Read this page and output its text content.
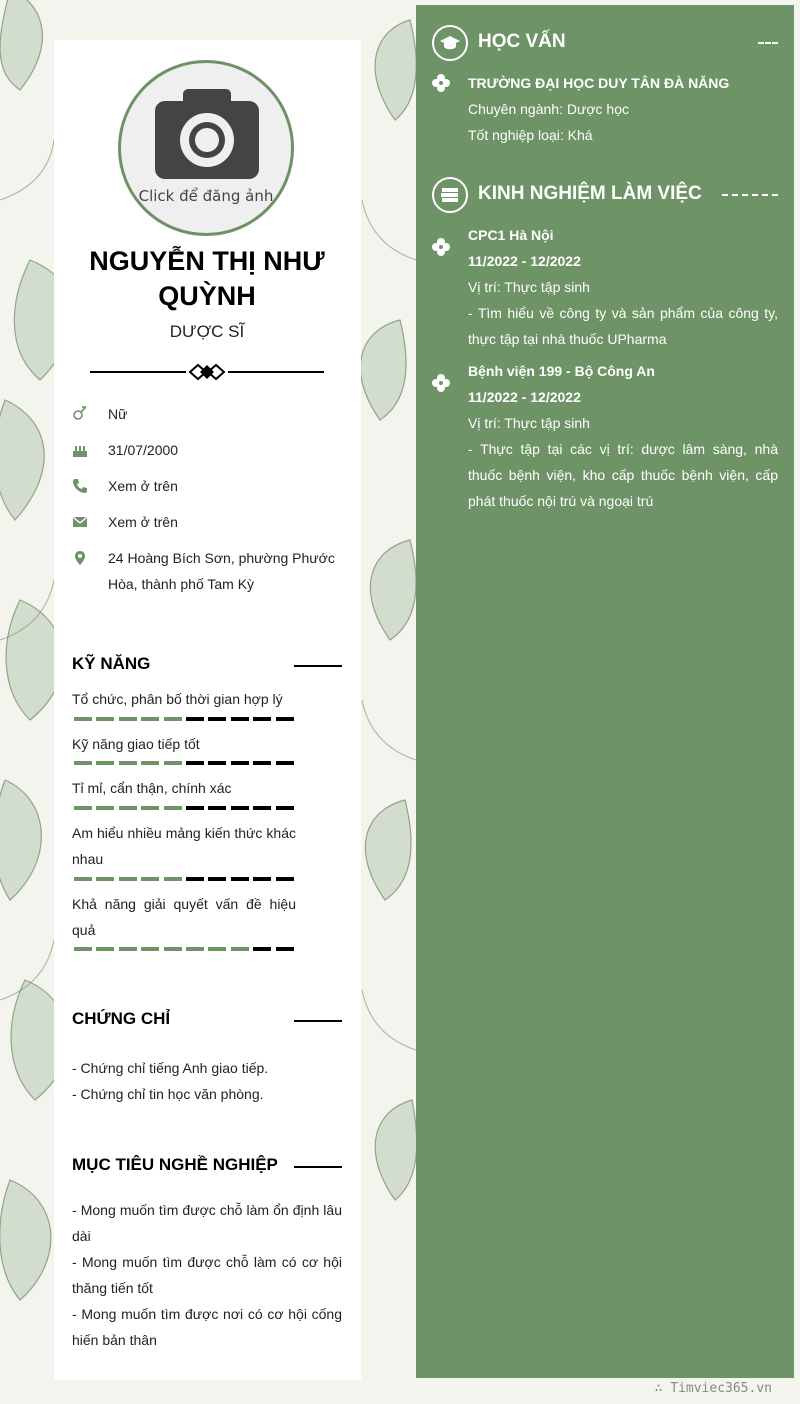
Click để đăng ảnh
NGUYỄN THỊ NHƯ QUỲNH
DƯỢC SĨ
Nữ
31/07/2000
Xem ở trên
Xem ở trên
24 Hoàng Bích Sơn, phường Phước Hòa, thành phố Tam Kỳ
KỸ NĂNG
Tổ chức, phân bố thời gian hợp lý
Kỹ năng giao tiếp tốt
Tỉ mỉ, cẩn thận, chính xác
Am hiểu nhiều mảng kiến thức khác nhau
Khả năng giải quyết vấn đề hiệu quả
CHỨNG CHỈ
- Chứng chỉ tiếng Anh giao tiếp.
- Chứng chỉ tin học văn phòng.
MỤC TIÊU NGHỀ NGHIỆP
- Mong muốn tìm được chỗ làm ổn định lâu dài
- Mong muốn tìm được chỗ làm có cơ hội thăng tiến tốt
- Mong muốn tìm được nơi có cơ hội cống hiến bản thân
HỌC VẤN
TRƯỜNG ĐẠI HỌC DUY TÂN ĐÀ NẴNG
Chuyên ngành: Dược học
Tốt nghiệp loại: Khá
KINH NGHIỆM LÀM VIỆC
CPC1 Hà Nội
11/2022 - 12/2022
Vị trí: Thực tập sinh
- Tìm hiểu về công ty và sản phẩm của công ty, thực tập tại nhà thuốc UPharma
Bệnh viện 199 - Bộ Công An
11/2022 - 12/2022
Vị trí: Thực tập sinh
- Thực tập tại các vị trí: dược lâm sàng, nhà thuốc bệnh viện, kho cấp thuốc bệnh viện, cấp phát thuốc nội trú và ngoại trú
∴ Timviec365.vn
